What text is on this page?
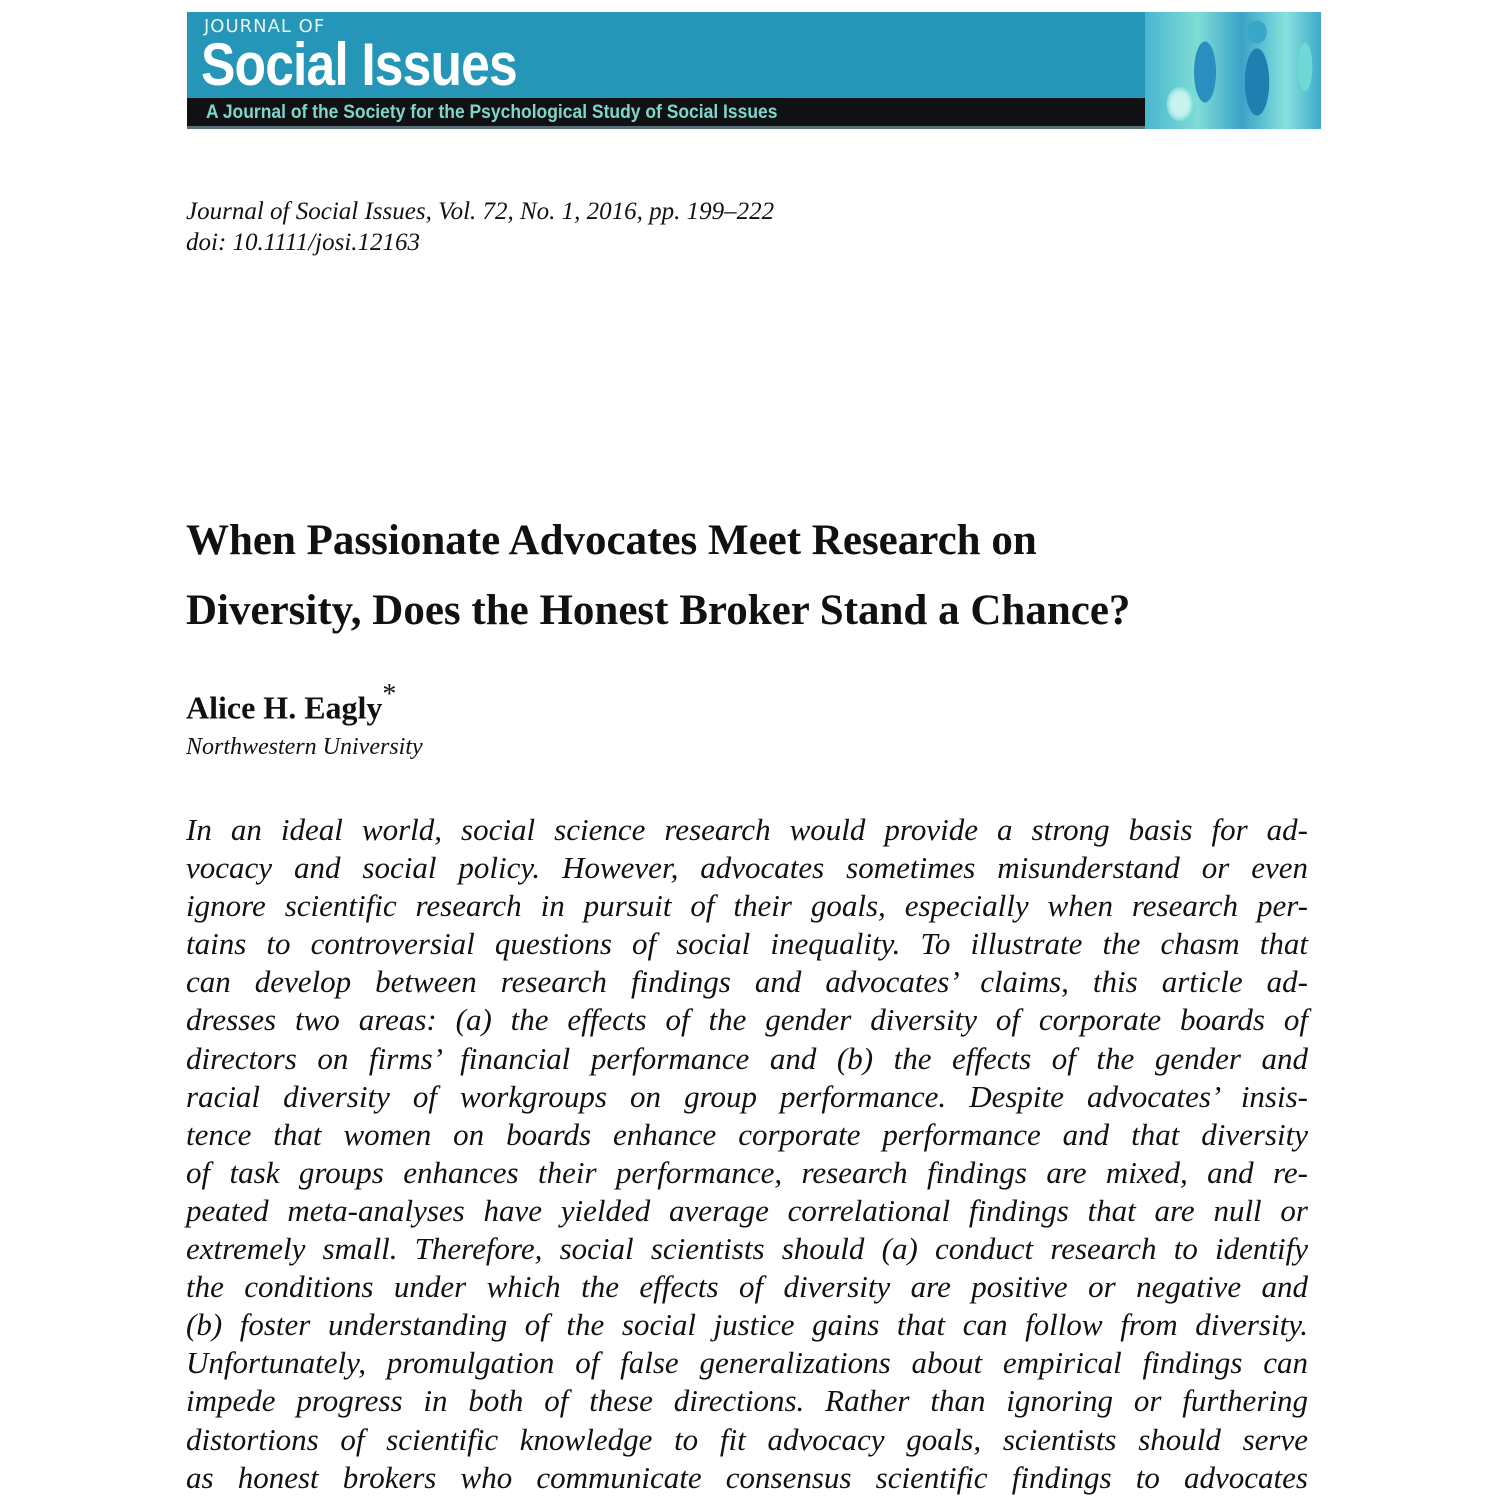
JOURNAL OF
Social Issues
A Journal of the Society for the Psychological Study of Social Issues
Journal of Social Issues, Vol. 72, No. 1, 2016, pp. 199–222
doi: 10.1111/josi.12163
When Passionate Advocates Meet Research on
Diversity, Does the Honest Broker Stand a Chance?
Alice H. Eagly*
Northwestern University
In an ideal world, social science research would provide a strong basis for ad-
vocacy and social policy. However, advocates sometimes misunderstand or even
ignore scientific research in pursuit of their goals, especially when research per-
tains to controversial questions of social inequality. To illustrate the chasm that
can develop between research findings and advocates’ claims, this article ad-
dresses two areas: (a) the effects of the gender diversity of corporate boards of
directors on firms’ financial performance and (b) the effects of the gender and
racial diversity of workgroups on group performance. Despite advocates’ insis-
tence that women on boards enhance corporate performance and that diversity
of task groups enhances their performance, research findings are mixed, and re-
peated meta-analyses have yielded average correlational findings that are null or
extremely small. Therefore, social scientists should (a) conduct research to identify
the conditions under which the effects of diversity are positive or negative and
(b) foster understanding of the social justice gains that can follow from diversity.
Unfortunately, promulgation of false generalizations about empirical findings can
impede progress in both of these directions. Rather than ignoring or furthering
distortions of scientific knowledge to fit advocacy goals, scientists should serve
as honest brokers who communicate consensus scientific findings to advocates
